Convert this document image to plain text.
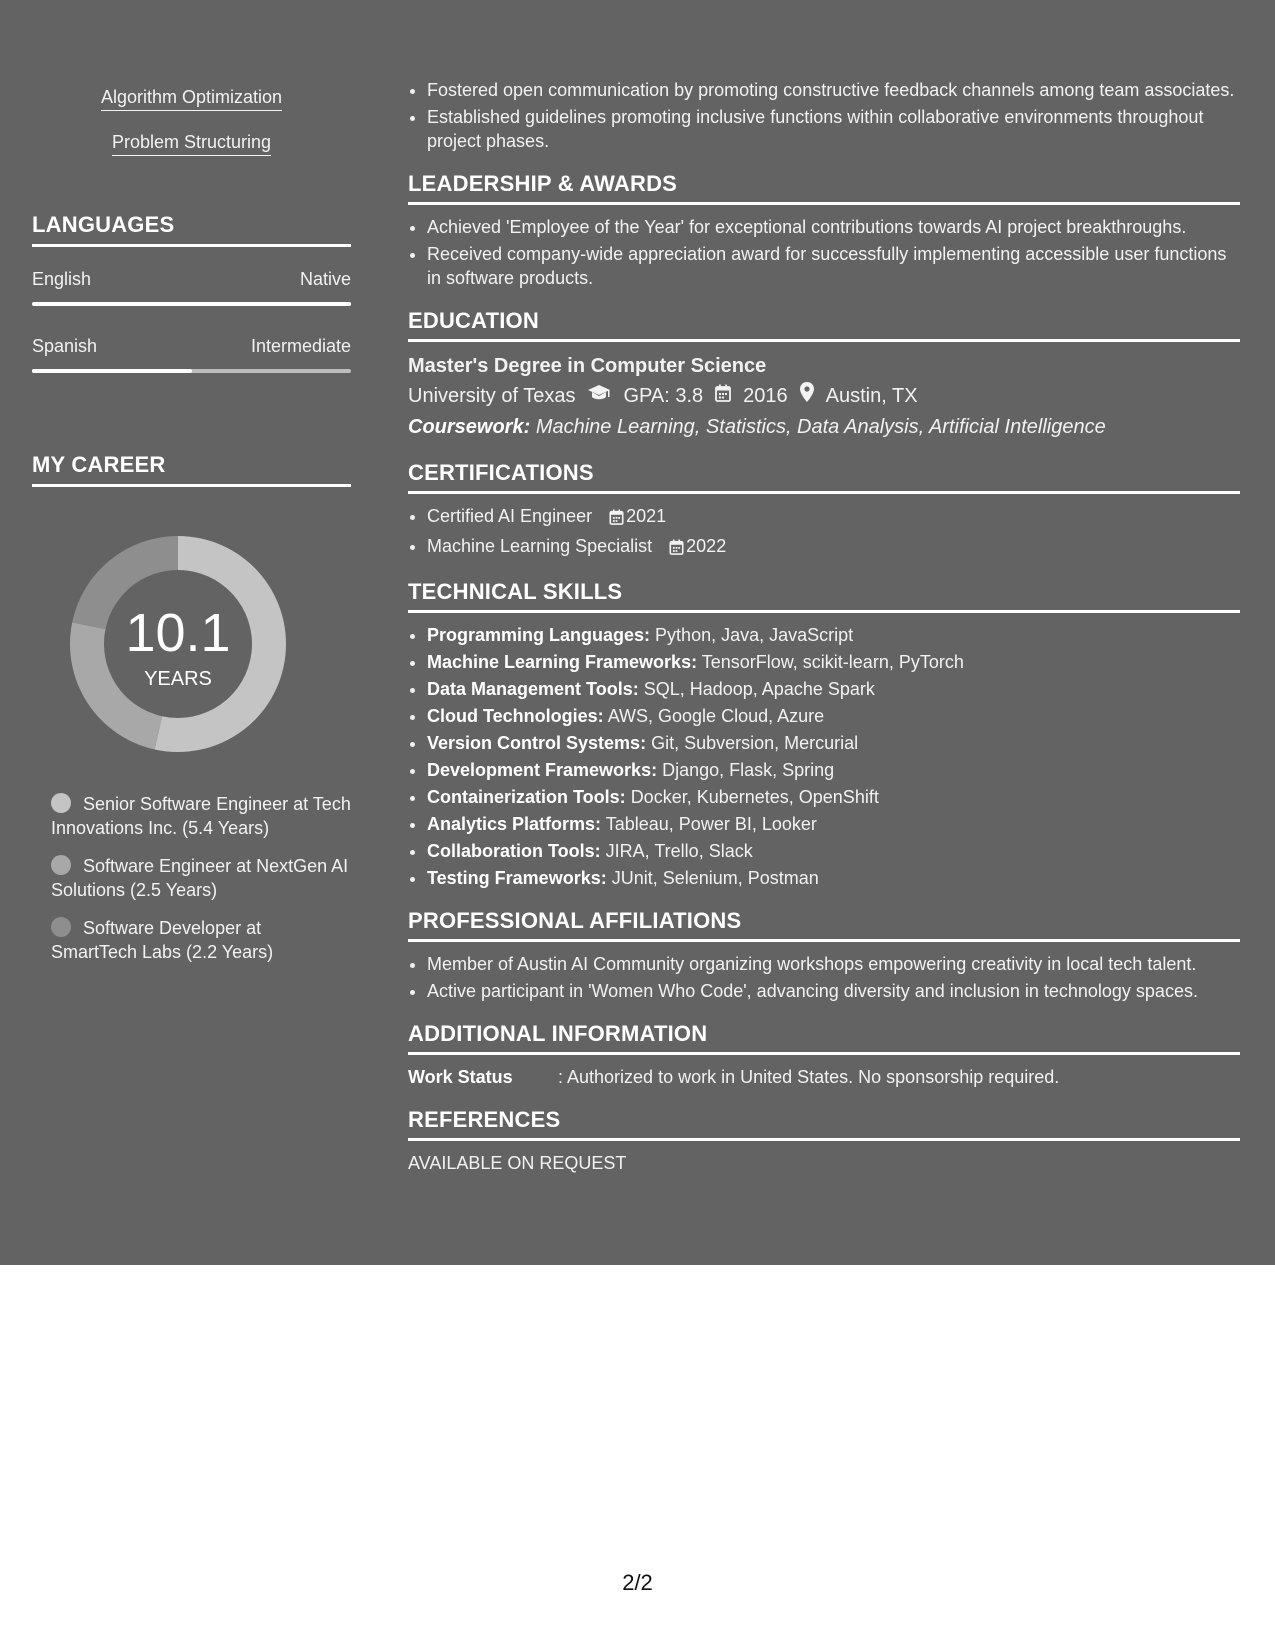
Algorithm Optimization
Problem Structuring
LANGUAGES
English	Native
Spanish	Intermediate
MY CAREER
10.1
YEARS
Senior Software Engineer at Tech Innovations Inc. (5.4 Years)
Software Engineer at NextGen AI Solutions (2.5 Years)
Software Developer at SmartTech Labs (2.2 Years)
• Fostered open communication by promoting constructive feedback channels among team associates.
• Established guidelines promoting inclusive functions within collaborative environments throughout project phases.
LEADERSHIP & AWARDS
• Achieved 'Employee of the Year' for exceptional contributions towards AI project breakthroughs.
• Received company-wide appreciation award for successfully implementing accessible user functions in software products.
EDUCATION
Master's Degree in Computer Science
University of Texas GPA: 3.8 2016 Austin, TX
Coursework: Machine Learning, Statistics, Data Analysis, Artificial Intelligence
CERTIFICATIONS
• Certified AI Engineer 2021
• Machine Learning Specialist 2022
TECHNICAL SKILLS
• Programming Languages: Python, Java, JavaScript
• Machine Learning Frameworks: TensorFlow, scikit-learn, PyTorch
• Data Management Tools: SQL, Hadoop, Apache Spark
• Cloud Technologies: AWS, Google Cloud, Azure
• Version Control Systems: Git, Subversion, Mercurial
• Development Frameworks: Django, Flask, Spring
• Containerization Tools: Docker, Kubernetes, OpenShift
• Analytics Platforms: Tableau, Power BI, Looker
• Collaboration Tools: JIRA, Trello, Slack
• Testing Frameworks: JUnit, Selenium, Postman
PROFESSIONAL AFFILIATIONS
• Member of Austin AI Community organizing workshops empowering creativity in local tech talent.
• Active participant in 'Women Who Code', advancing diversity and inclusion in technology spaces.
ADDITIONAL INFORMATION
Work Status	: Authorized to work in United States. No sponsorship required.
REFERENCES
AVAILABLE ON REQUEST
2/2
